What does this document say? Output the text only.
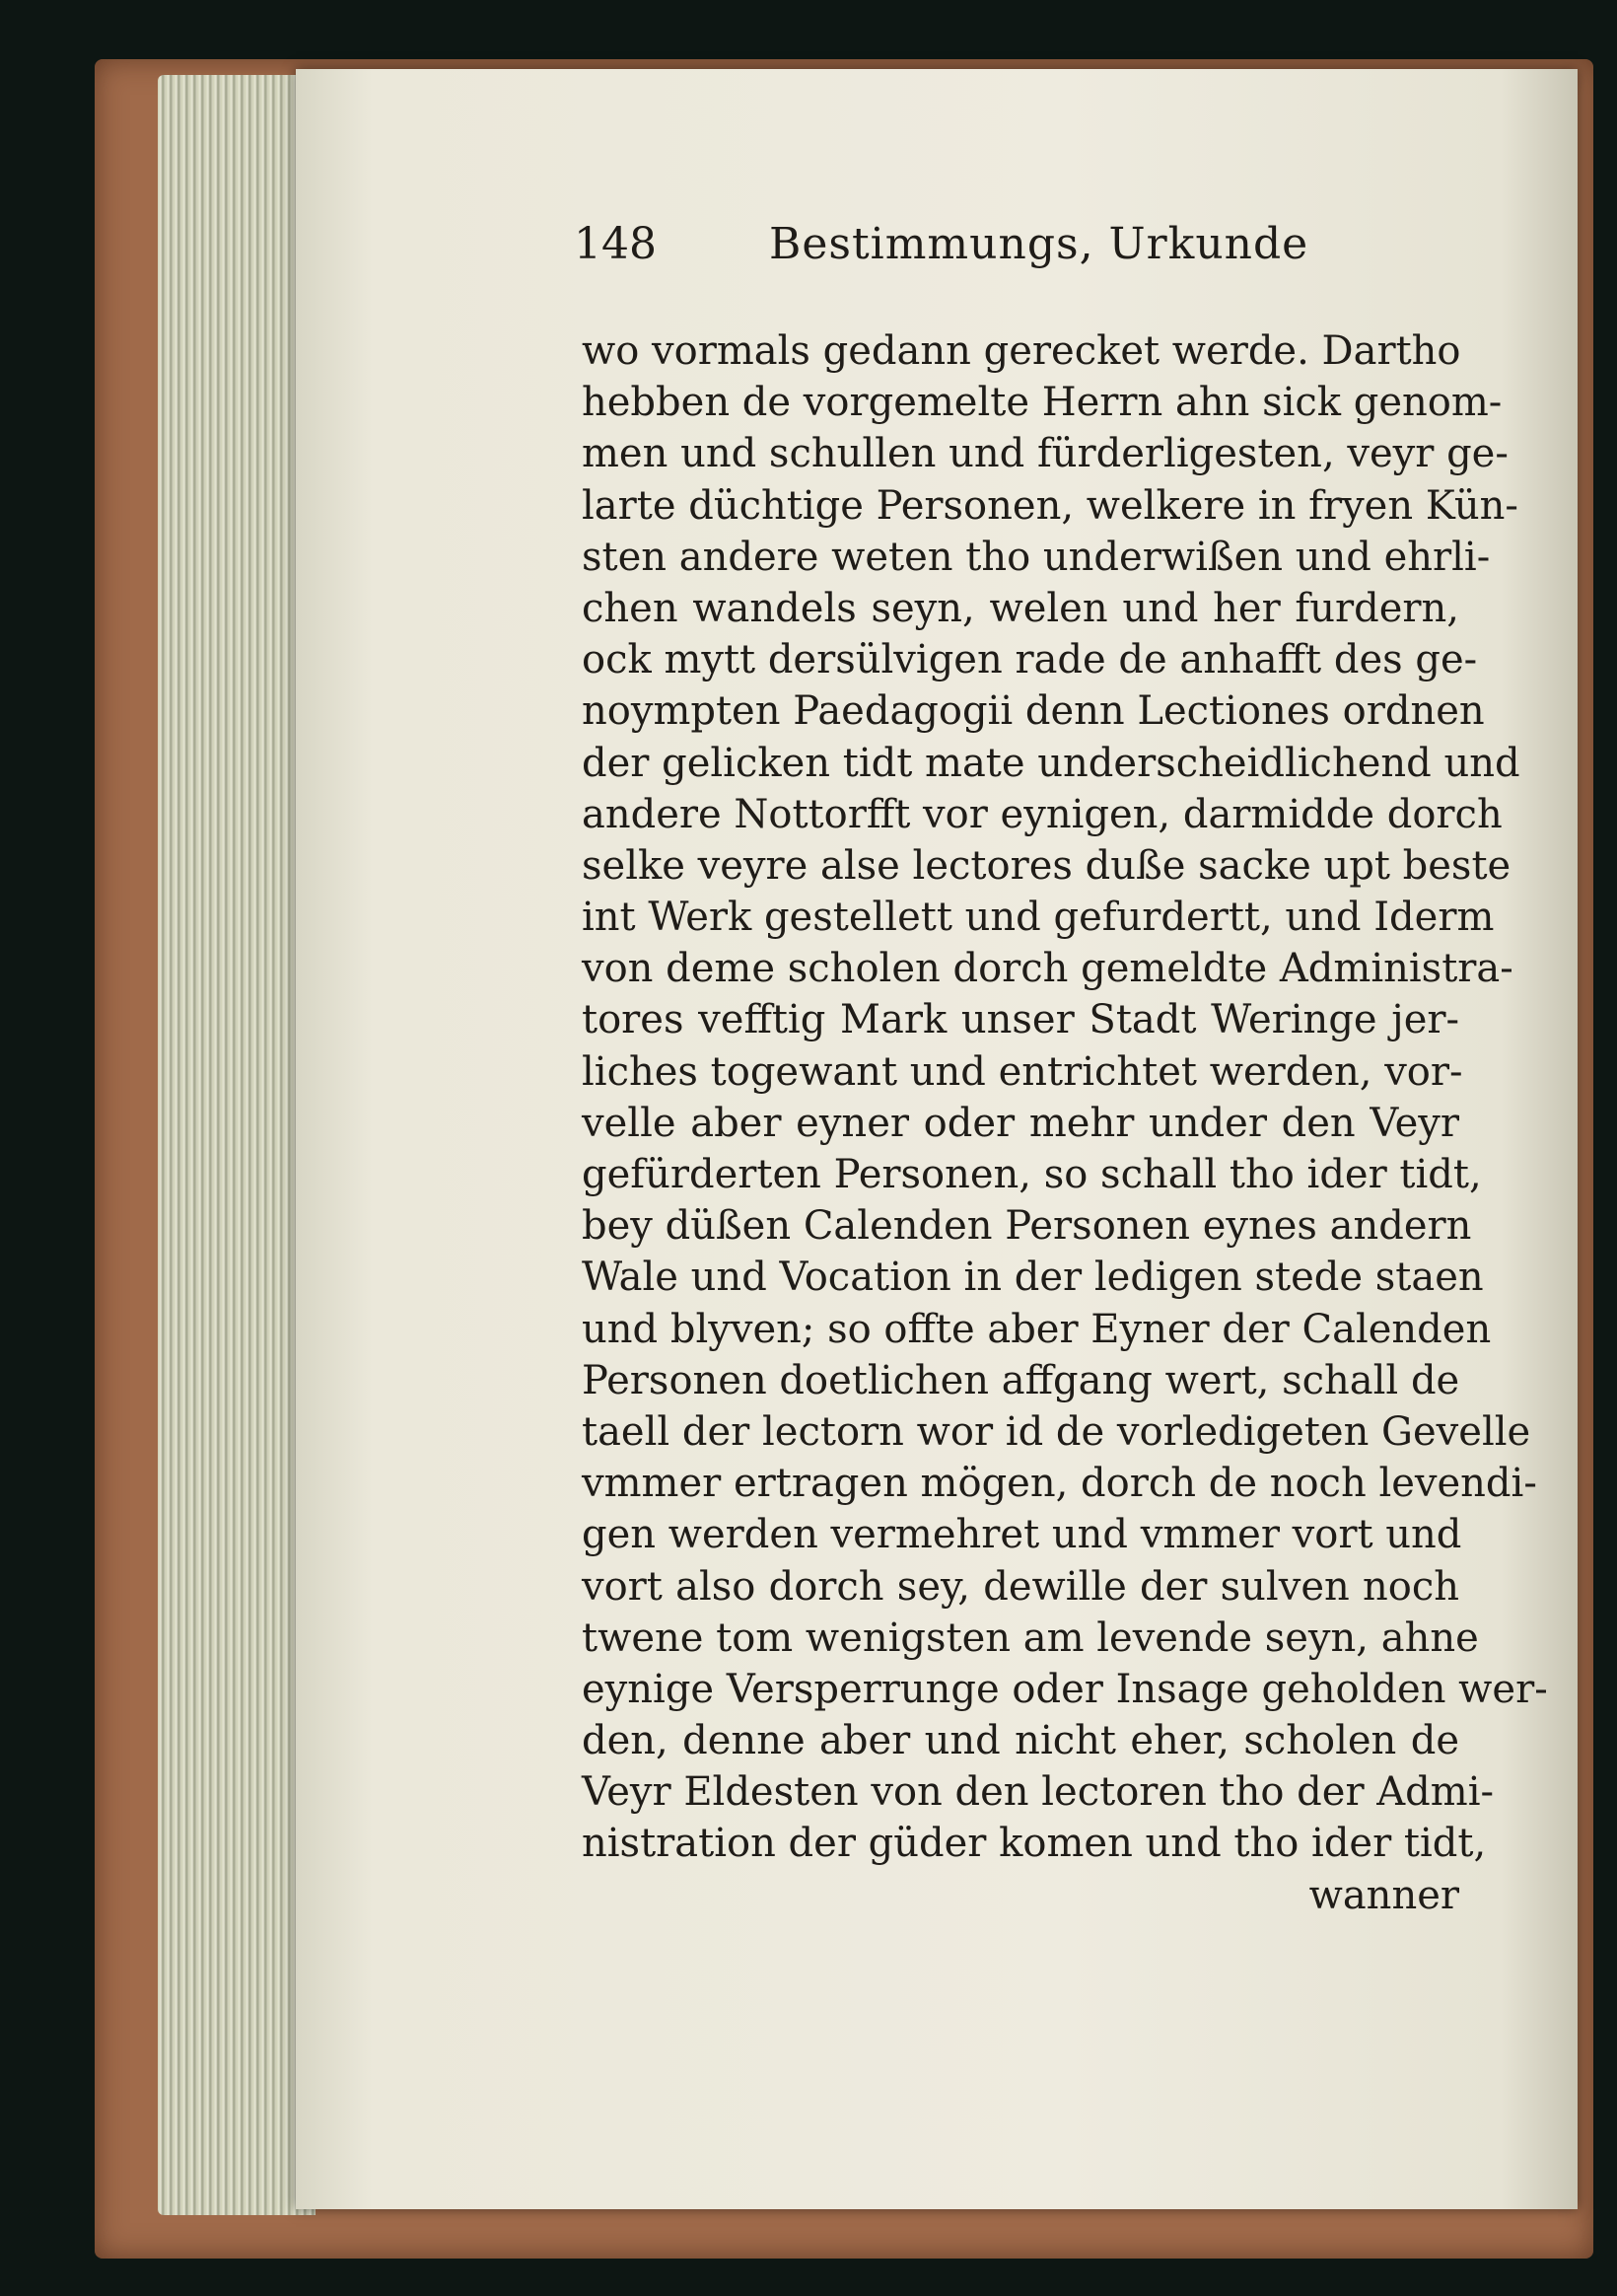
148	Bestimmungs, Urkunde
wo vormals gedann gerecket werde. Dartho
hebben de vorgemelte Herrn ahn sick genom-
men und schullen und fürderligesten, veyr ge-
larte düchtige Personen, welkere in fryen Kün-
sten andere weten tho underwißen und ehrli-
chen wandels seyn, welen und her furdern,
ock mytt dersülvigen rade de anhafft des ge-
noympten Paedagogii denn Lectiones ordnen
der gelicken tidt mate underscheidlichend und
andere Nottorfft vor eynigen, darmidde dorch
selke veyre alse lectores duße sacke upt beste
int Werk gestellett und gefurdertt, und Iderm
von deme scholen dorch gemeldte Administra-
tores vefftig Mark unser Stadt Weringe jer-
liches togewant und entrichtet werden, vor-
velle aber eyner oder mehr under den Veyr
gefürderten Personen, so schall tho ider tidt,
bey düßen Calenden Personen eynes andern
Wale und Vocation in der ledigen stede staen
und blyven; so offte aber Eyner der Calenden
Personen doetlichen affgang wert, schall de
taell der lectorn wor id de vorledigeten Gevelle
vmmer ertragen mögen, dorch de noch levendi-
gen werden vermehret und vmmer vort und
vort also dorch sey, dewille der sulven noch
twene tom wenigsten am levende seyn, ahne
eynige Versperrunge oder Insage geholden wer-
den, denne aber und nicht eher, scholen de
Veyr Eldesten von den lectoren tho der Admi-
nistration der güder komen und tho ider tidt,
wanner
